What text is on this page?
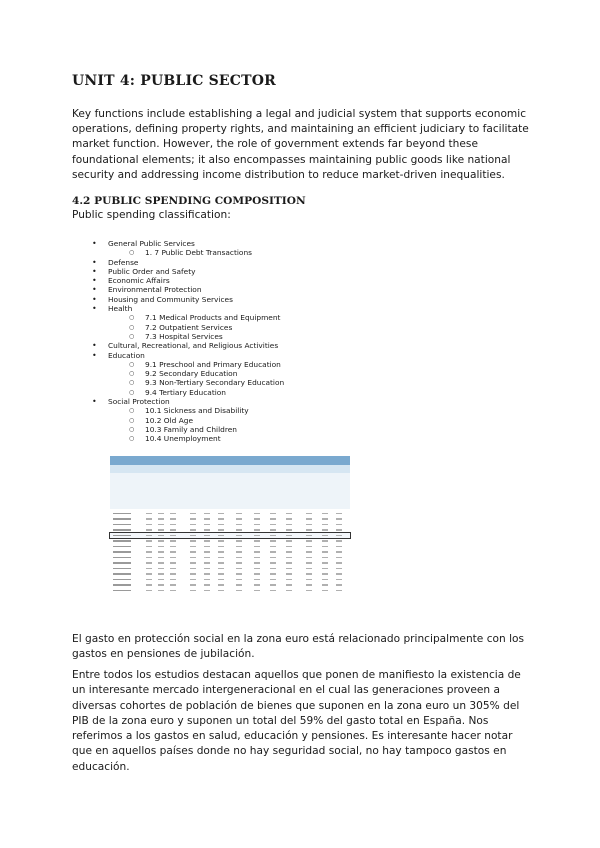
UNIT 4: PUBLIC SECTOR
Key functions include establishing a legal and judicial system that supports economic operations, defining property rights, and maintaining an efficient judiciary to facilitate market function. However, the role of government extends far beyond these foundational elements; it also encompasses maintaining public goods like national security and addressing income distribution to reduce market-driven inequalities.
4.2 PUBLIC SPENDING COMPOSITION
Public spending classification:
• General Public Services
○ 1. 7 Public Debt Transactions
• Defense
• Public Order and Safety
• Economic Affairs
• Environmental Protection
• Housing and Community Services
• Health
○ 7.1 Medical Products and Equipment
○ 7.2 Outpatient Services
○ 7.3 Hospital Services
• Cultural, Recreational, and Religious Activities
• Education
○ 9.1 Preschool and Primary Education
○ 9.2 Secondary Education
○ 9.3 Non-Tertiary Secondary Education
○ 9.4 Tertiary Education
• Social Protection
○ 10.1 Sickness and Disability
○ 10.2 Old Age
○ 10.3 Family and Children
○ 10.4 Unemployment
El gasto en protección social en la zona euro está relacionado principalmente con los gastos en pensiones de jubilación.
Entre todos los estudios destacan aquellos que ponen de manifiesto la existencia de un interesante mercado intergeneracional en el cual las generaciones proveen a diversas cohortes de población de bienes que suponen en la zona euro un 305% del PIB de la zona euro y suponen un total del 59% del gasto total en España. Nos referimos a los gastos en salud, educación y pensiones. Es interesante hacer notar que en aquellos países donde no hay seguridad social, no hay tampoco gastos en educación.
